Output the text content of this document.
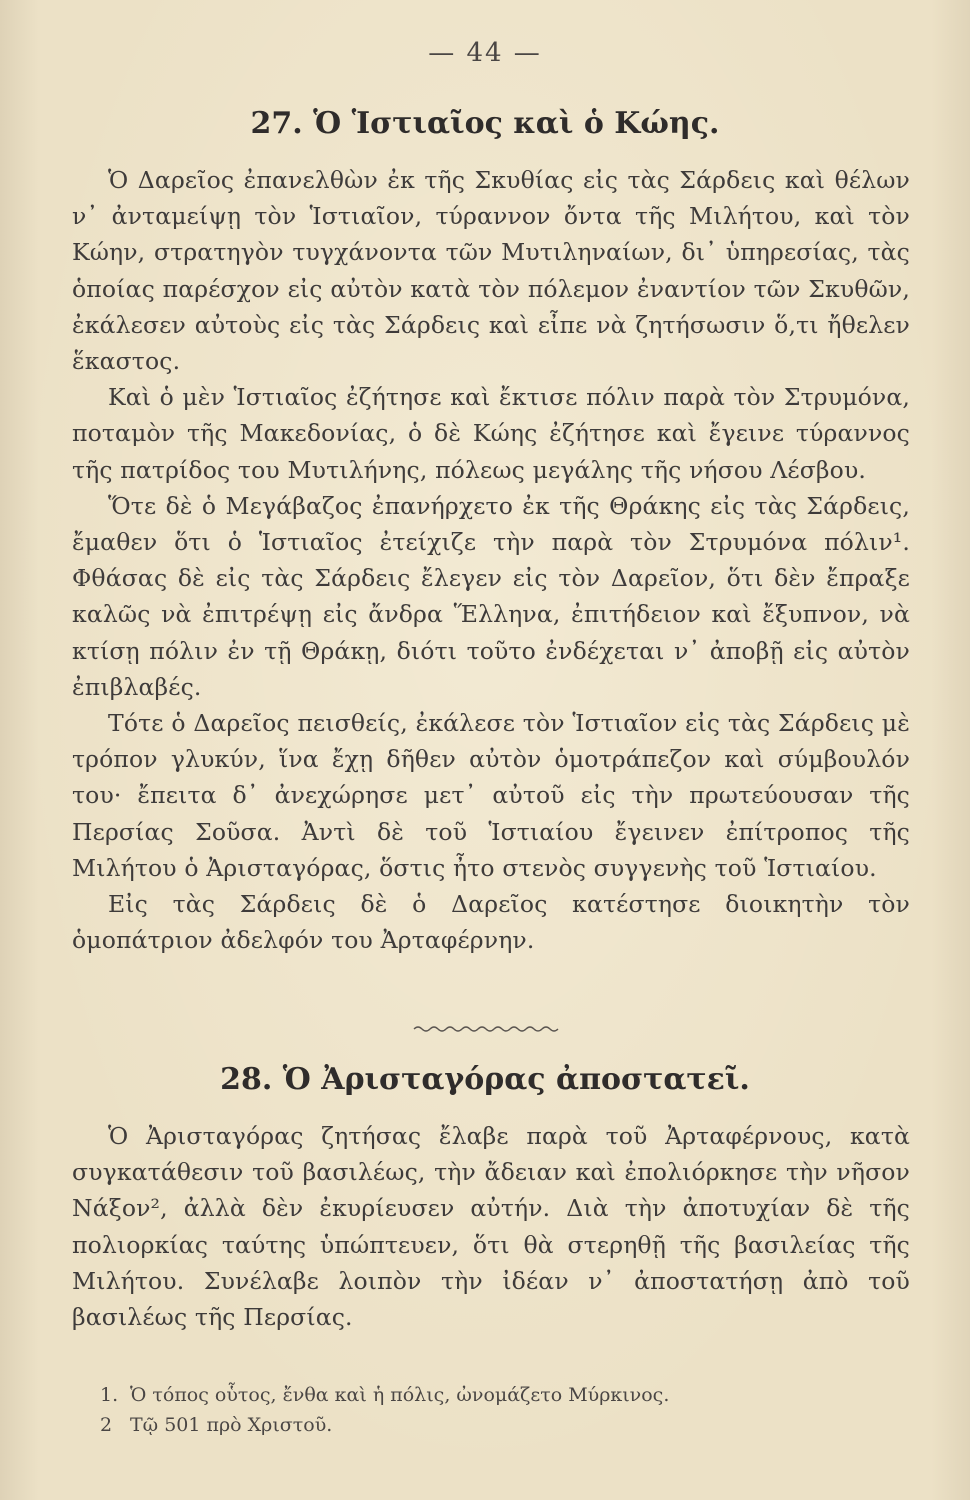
— 44 —
27. Ὁ Ἱστιαῖος καὶ ὁ Κώης.

Ὁ Δαρεῖος ἐπανελθὼν ἐκ τῆς Σκυθίας εἰς τὰς Σάρδεις καὶ θέλων ν᾽ ἀνταμείψῃ τὸν Ἱστιαῖον, τύραννον ὄντα τῆς Μιλήτου, καὶ τὸν Κώην, στρατηγὸν τυγχάνοντα τῶν Μυτιληναίων, δι᾽ ὑπηρεσίας, τὰς ὁποίας παρέσχον εἰς αὐτὸν κατὰ τὸν πόλεμον ἐναντίον τῶν Σκυθῶν, ἐκάλεσεν αὐτοὺς εἰς τὰς Σάρδεις καὶ εἶπε νὰ ζητήσωσιν ὅ,τι ἤθελεν ἕκαστος.

Καὶ ὁ μὲν Ἱστιαῖος ἐζήτησε καὶ ἔκτισε πόλιν παρὰ τὸν Στρυμόνα, ποταμὸν τῆς Μακεδονίας, ὁ δὲ Κώης ἐζήτησε καὶ ἔγεινε τύραννος τῆς πατρίδος του Μυτιλήνης, πόλεως μεγάλης τῆς νήσου Λέσβου.

Ὅτε δὲ ὁ Μεγάβαζος ἐπανήρχετο ἐκ τῆς Θράκης εἰς τὰς Σάρδεις, ἔμαθεν ὅτι ὁ Ἱστιαῖος ἐτείχιζε τὴν παρὰ τὸν Στρυμόνα πόλιν¹. Φθάσας δὲ εἰς τὰς Σάρδεις ἔλεγεν εἰς τὸν Δαρεῖον, ὅτι δὲν ἔπραξε καλῶς νὰ ἐπιτρέψῃ εἰς ἄνδρα Ἕλληνα, ἐπιτήδειον καὶ ἔξυπνον, νὰ κτίσῃ πόλιν ἐν τῇ Θράκῃ, διότι τοῦτο ἐνδέχεται ν᾽ ἀποβῇ εἰς αὐτὸν ἐπιβλαβές.

Τότε ὁ Δαρεῖος πεισθείς, ἐκάλεσε τὸν Ἱστιαῖον εἰς τὰς Σάρδεις μὲ τρόπον γλυκύν, ἵνα ἔχῃ δῆθεν αὐτὸν ὁμοτράπεζον καὶ σύμβουλόν του· ἔπειτα δ᾽ ἀνεχώρησε μετ᾽ αὐτοῦ εἰς τὴν πρωτεύουσαν τῆς Περσίας Σοῦσα. Ἀντὶ δὲ τοῦ Ἱστιαίου ἔγεινεν ἐπίτροπος τῆς Μιλήτου ὁ Ἀρισταγόρας, ὅστις ἦτο στενὸς συγγενὴς τοῦ Ἱστιαίου.

Εἰς τὰς Σάρδεις δὲ ὁ Δαρεῖος κατέστησε διοικητὴν τὸν ὁμοπάτριον ἀδελφόν του Ἀρταφέρνην.

28. Ὁ Ἀρισταγόρας ἀποστατεῖ.

Ὁ Ἀρισταγόρας ζητήσας ἔλαβε παρὰ τοῦ Ἀρταφέρνους, κατὰ συγκατάθεσιν τοῦ βασιλέως, τὴν ἄδειαν καὶ ἐπολιόρκησε τὴν νῆσον Νάξον², ἀλλὰ δὲν ἐκυρίευσεν αὐτήν. Διὰ τὴν ἀποτυχίαν δὲ τῆς πολιορκίας ταύτης ὑπώπτευεν, ὅτι θὰ στερηθῇ τῆς βασιλείας τῆς Μιλήτου. Συνέλαβε λοιπὸν τὴν ἰδέαν ν᾽ ἀποστατήσῃ ἀπὸ τοῦ βασιλέως τῆς Περσίας.

1. Ὁ τόπος οὗτος, ἔνθα καὶ ἡ πόλις, ὠνομάζετο Μύρκινος.

2 Τῷ 501 πρὸ Χριστοῦ.
